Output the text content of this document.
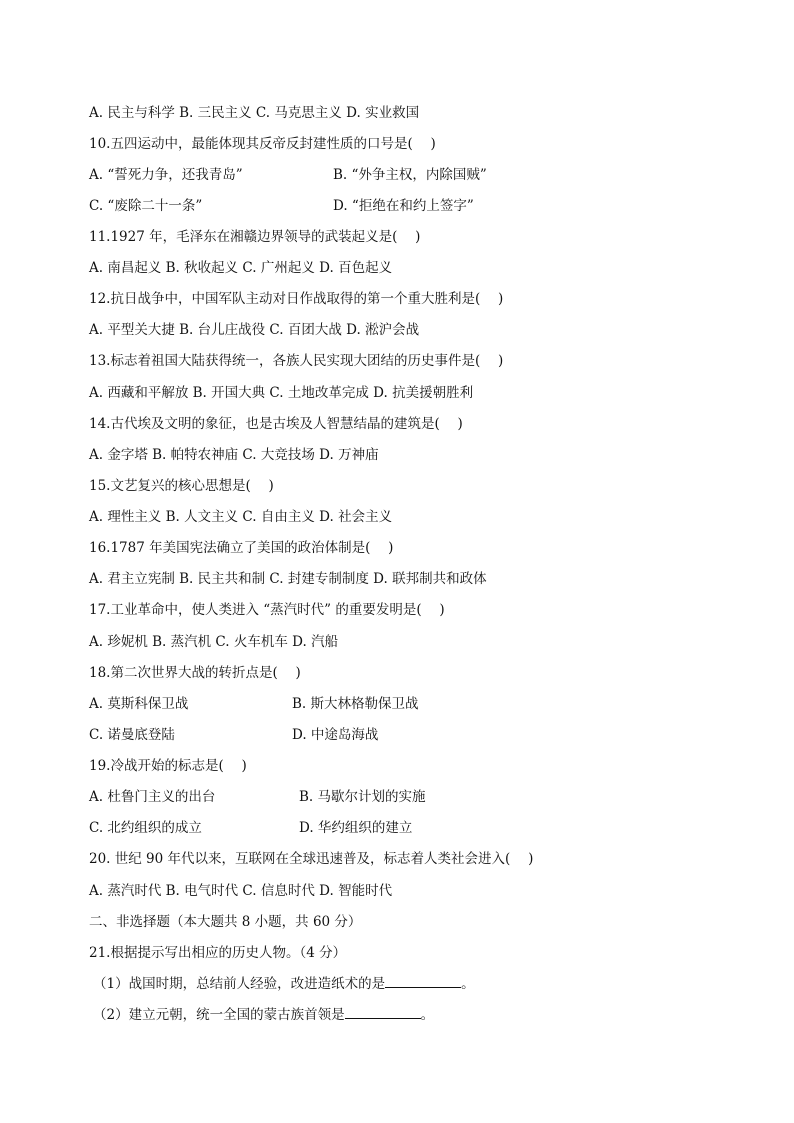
A. 民主与科学 B. 三民主义 C. 马克思主义 D. 实业救国
10.五四运动中，最能体现其反帝反封建性质的口号是(　 )
A. “誓死力争，还我青岛”	B. “外争主权，内除国贼”
C. “废除二十一条”	D. “拒绝在和约上签字”
11.1927 年，毛泽东在湘赣边界领导的武装起义是(　 )
A. 南昌起义 B. 秋收起义 C. 广州起义 D. 百色起义
12.抗日战争中，中国军队主动对日作战取得的第一个重大胜利是(　 )
A. 平型关大捷 B. 台儿庄战役 C. 百团大战 D. 淞沪会战
13.标志着祖国大陆获得统一，各族人民实现大团结的历史事件是(　 )
A. 西藏和平解放 B. 开国大典 C. 土地改革完成 D. 抗美援朝胜利
14.古代埃及文明的象征，也是古埃及人智慧结晶的建筑是(　 )
A. 金字塔 B. 帕特农神庙 C. 大竞技场 D. 万神庙
15.文艺复兴的核心思想是(　 )
A. 理性主义 B. 人文主义 C. 自由主义 D. 社会主义
16.1787 年美国宪法确立了美国的政治体制是(　 )
A. 君主立宪制 B. 民主共和制 C. 封建专制制度 D. 联邦制共和政体
17.工业革命中，使人类进入 “蒸汽时代” 的重要发明是(　 )
A. 珍妮机 B. 蒸汽机 C. 火车机车 D. 汽船
18.第二次世界大战的转折点是(　 )
A. 莫斯科保卫战	B. 斯大林格勒保卫战
C. 诺曼底登陆	D. 中途岛海战
19.冷战开始的标志是(　 )
A. 杜鲁门主义的出台	B. 马歇尔计划的实施
C. 北约组织的成立	D. 华约组织的建立
20. 世纪 90 年代以来，互联网在全球迅速普及，标志着人类社会进入(　 )
A. 蒸汽时代 B. 电气时代 C. 信息时代 D. 智能时代
二、非选择题（本大题共 8 小题，共 60 分）
21.根据提示写出相应的历史人物。（4 分）
（1）战国时期，总结前人经验，改进造纸术的是	。
（2）建立元朝，统一全国的蒙古族首领是	。
